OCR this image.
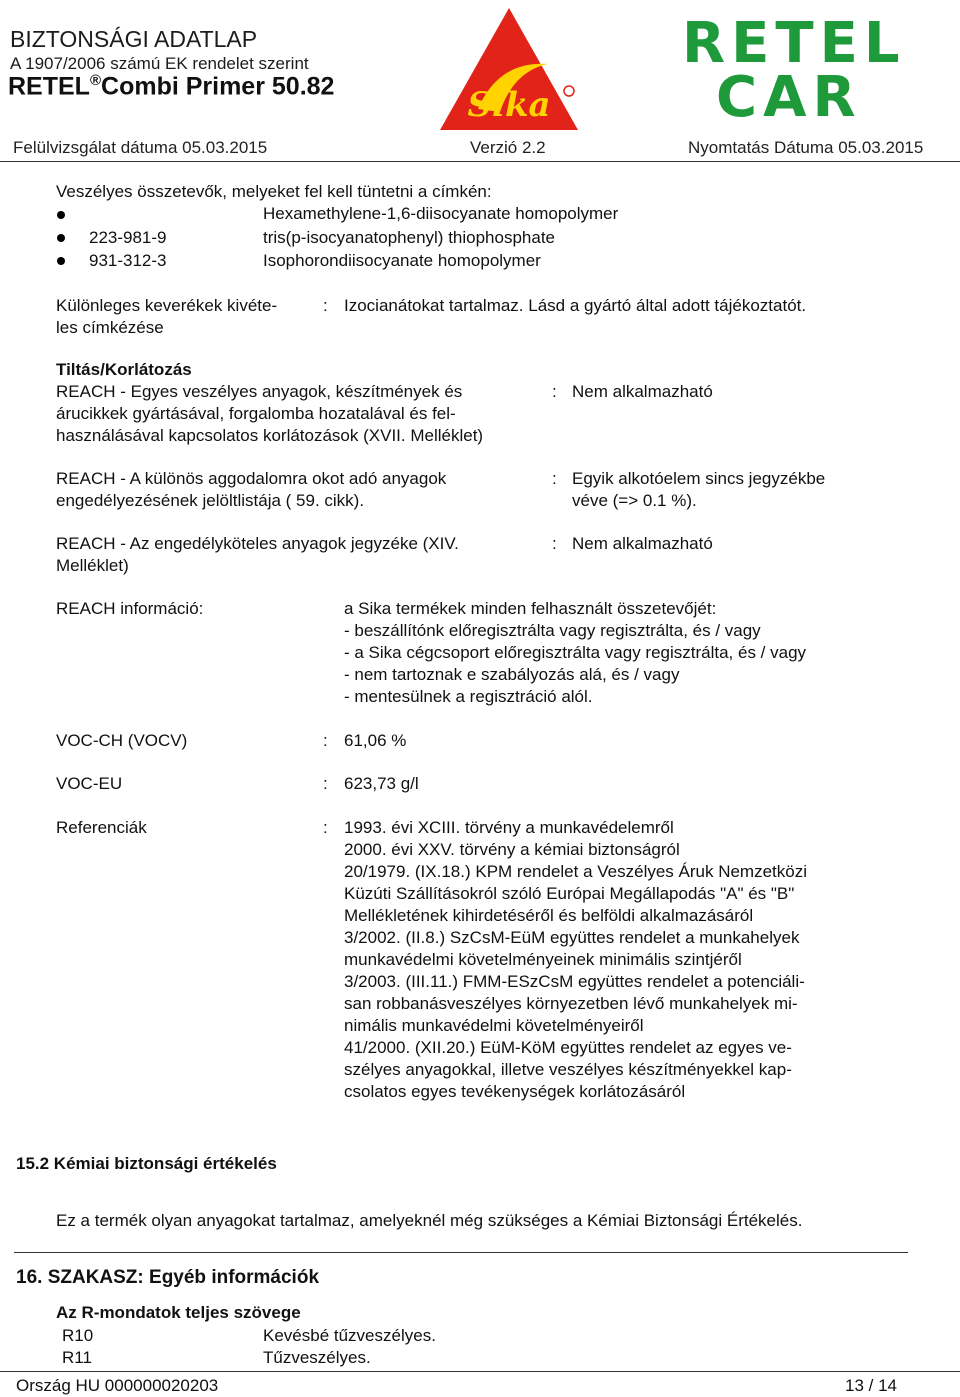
BIZTONSÁGI ADATLAP
A 1907/2006 számú EK rendelet szerint
RETEL®Combi Primer 50.82	Sika
RETEL
CAR
Felülvizsgálat dátuma 05.03.2015	Verzió 2.2	Nyomtatás Dátuma 05.03.2015
Veszélyes összetevők, melyeket fel kell tüntetni a címkén:
Hexamethylene-1,6-diisocyanate homopolymer
223-981-9	tris(p-isocyanatophenyl) thiophosphate
931-312-3	Isophorondiisocyanate homopolymer
Különleges keverékek kivéte-
les címkézése
: Izocianátokat tartalmaz. Lásd a gyártó által adott tájékoztatót.
Tiltás/Korlátozás
REACH - Egyes veszélyes anyagok, készítmények és
árucikkek gyártásával, forgalomba hozatalával és fel-
használásával kapcsolatos korlátozások (XVII. Melléklet)
: Nem alkalmazható
REACH - A különös aggodalomra okot adó anyagok
engedélyezésének jelöltlistája ( 59. cikk).
: Egyik alkotóelem sincs jegyzékbe
véve (=> 0.1 %).
REACH - Az engedélyköteles anyagok jegyzéke (XIV.
Melléklet)
: Nem alkalmazható
REACH információ:	a Sika termékek minden felhasznált összetevőjét:
- beszállítónk előregisztrálta vagy regisztrálta, és / vagy
- a Sika cégcsoport előregisztrálta vagy regisztrálta, és / vagy
- nem tartoznak e szabályozás alá, és / vagy
- mentesülnek a regisztráció alól.
VOC-CH (VOCV)	: 61,06 %
VOC-EU	: 623,73 g/l
Referenciák	: 1993. évi XCIII. törvény a munkavédelemről
2000. évi XXV. törvény a kémiai biztonságról
20/1979. (IX.18.) KPM rendelet a Veszélyes Áruk Nemzetközi
Küzúti Szállításokról szóló Európai Megállapodás "A" és "B"
Mellékletének kihirdetéséről és belföldi alkalmazásáról
3/2002. (II.8.) SzCsM-EüM együttes rendelet a munkahelyek
munkavédelmi követelményeinek minimális szintjéről
3/2003. (III.11.) FMM-ESzCsM együttes rendelet a potenciáli-
san robbanásveszélyes környezetben lévő munkahelyek mi-
nimális munkavédelmi követelményeiről
41/2000. (XII.20.) EüM-KöM együttes rendelet az egyes ve-
szélyes anyagokkal, illetve veszélyes készítményekkel kap-
csolatos egyes tevékenységek korlátozásáról
15.2 Kémiai biztonsági értékelés
Ez a termék olyan anyagokat tartalmaz, amelyeknél még szükséges a Kémiai Biztonsági Értékelés.
16. SZAKASZ: Egyéb információk
Az R-mondatok teljes szövege
R10	Kevésbé tűzveszélyes.
R11	Tűzveszélyes.
Ország HU 000000020203	13 / 14
